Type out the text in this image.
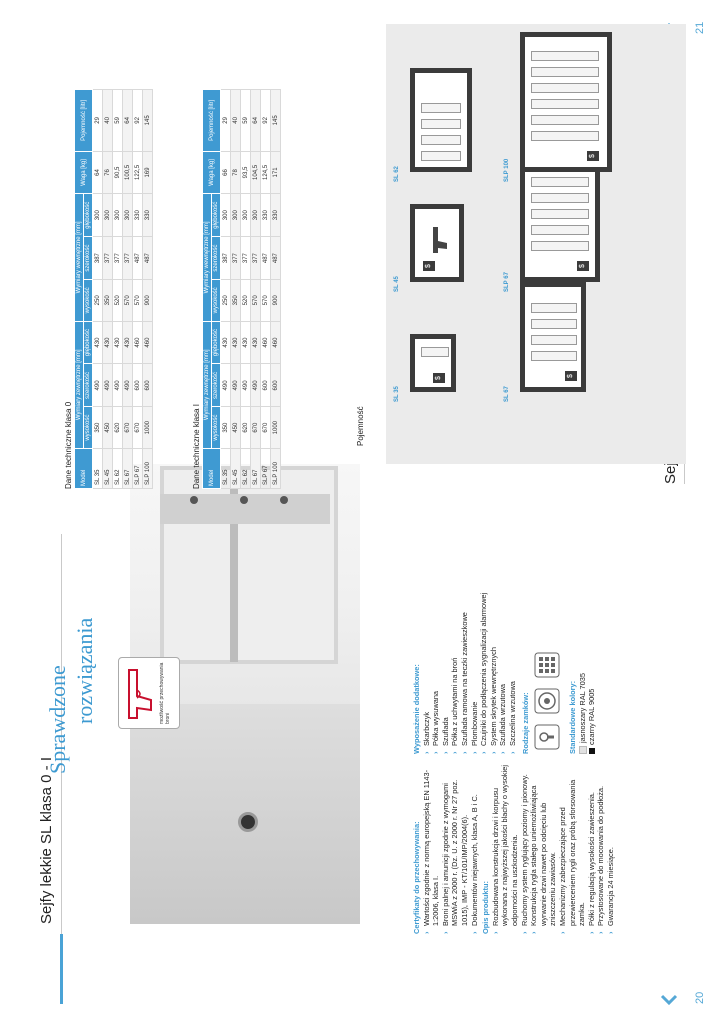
20
Sejfy lekkie SL klasa 0 - I
Sprawdzone rozwiązania	możliwość przechowywania broni
Certyfikaty do przechowywania: › Wartości zgodnie z normą europejską EN 1143-1:2006, klasa I. › Broni palnej i amunicji zgodnie z wymogami MSWiA z 2000 r. (Dz. U. z 2000 r. Nr 27 poz. 1015), IMP - KT/101/IMP/2004(6). › Dokumentów niejawnych, klasa A, B i C. Opis produktu: › Rozbudowana konstrukcja drzwi i korpusu wykonana z najwyższej jakości blachy o wysokiej odporności na uszkodzenia. › Ruchomy system ryglujący poziomy i pionowy. › Konstrukcja rygla stałego uniemożliwiająca wyrwanie drzwi nawet po odcięciu lub zniszczeniu zawiasów. › Mechanizmy zabezpieczające przed przewierceniem rygli oraz próbą sforsowania zamka. › Półki z regulacją wysokości zawieszenia. › Przystosowane do mocowania do podłoża. › Gwarancja 24 miesiące.
Wyposażenie dodatkowe: › Skarbczyk › Półka wysuwana › Szuflada › Półka z uchwytami na broń › Szuflada ramowa na teczki zawieszkowe › Plombowanie › Czujniki do podłączenia sygnalizacji alarmowej › System skrytek wewnętrznych › Szuflada wrzutowa › Szczelina wrzutowa Rodzaje zamków:	Standardowe kolory: jasnoszary RAL 7035 czarny RAL 9005
21
Dane techniczne klasa 0 Model	Wymiary zewnętrzne [mm]			Wymiary wewnętrzne [mm]			Waga [kg]	Pojemność [litr]
	wysokość	szerokość	głębokość	wysokość	szerokość	głębokość		
SL 35	350	490	430	250	387	300	64	29
SL 45	450	490	430	350	377	300	76	40
SL 62	620	490	430	520	377	300	90,5	59
SL 67	670	490	430	570	377	300	100,5	64
SLP 67	670	600	460	570	487	330	122,5	92
SLP 100	1000	600	460	900	487	330	169	145
Dane techniczne klasa I Model	Wymiary zewnętrzne [mm]			Wymiary wewnętrzne [mm]			Waga [kg]	Pojemność [litr]
	wysokość	szerokość	głębokość	wysokość	szerokość	głębokość		
SL 35	350	490	430	250	387	300	66	29
SL 45	450	490	430	350	377	300	78	40
SL 62	620	490	430	520	377	300	93,5	59
SL 67	670	490	430	570	377	300	104,5	64
SLP 67	670	600	460	570	487	330	124,5	92
SLP 100	1000	600	460	900	487	330	171	145
Pojemność
SL 35
$
SL 45
$
SL 62
SL 67
$
SLP 67
$
SLP 100
$
